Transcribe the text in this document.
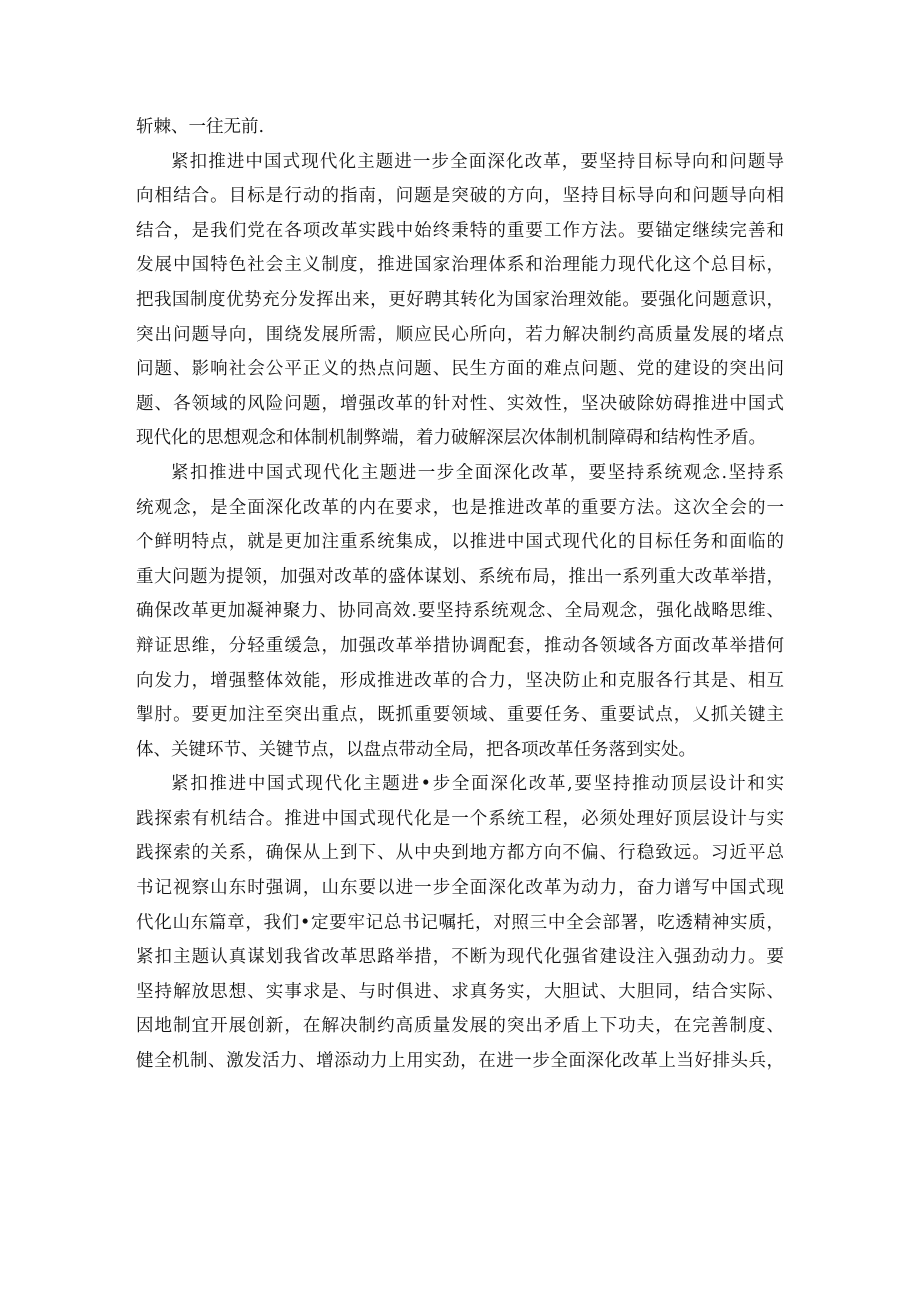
斩棘、一往无前.
紧扣推进中国式现代化主题进一步全面深化改革，要坚持目标导向和问题导
向相结合。目标是行动的指南，问题是突破的方向，坚持目标导向和问题导向相
结合，是我们党在各项改革实践中始终秉特的重要工作方法。要锚定继续完善和
发展中国特色社会主义制度，推进国家治理体系和治理能力现代化这个总目标，
把我国制度优势充分发挥出来，更好聘其转化为国家治理效能。要强化问题意识，
突出问题导向，围绕发展所需，顺应民心所向，若力解决制约高质量发展的堵点
问题、影响社会公平正义的热点问题、民生方面的难点问题、党的建设的突出问
题、各领域的风险问题，增强改革的针对性、实效性，坚决破除妨碍推进中国式
现代化的思想观念和体制机制弊端，着力破解深层次体制机制障碍和结构性矛盾。
紧扣推进中国式现代化主题进一步全面深化改革，要坚持系统观念.坚持系
统观念，是全面深化改革的内在要求，也是推进改革的重要方法。这次全会的一
个鲜明特点，就是更加注重系统集成，以推进中国式现代化的目标任务和面临的
重大问题为提领，加强对改革的盛体谋划、系统布局，推出一系列重大改革举措，
确保改革更加凝神聚力、协同高效.要坚持系统观念、全局观念，强化战略思维、
辩证思维，分轻重缓急，加强改革举措协调配套，推动各领域各方面改革举措何
向发力，增强整体效能，形成推进改革的合力，坚决防止和克服各行其是、相互
掣肘。要更加注至突出重点，既抓重要领域、重要任务、重要试点，乂抓关键主
体、关键环节、关键节点，以盘点带动全局，把各项改革任务落到实处。
紧扣推进中国式现代化主题进•步全面深化改革,要坚持推动顶层设计和实
践探索有机结合。推进中国式现代化是一个系统工程，必须处理好顶层设计与实
践探索的关系，确保从上到下、从中央到地方都方向不偏、行稳致远。习近平总
书记视察山东时强调，山东要以进一步全面深化改革为动力，奋力谱写中国式现
代化山东篇章，我们•定要牢记总书记嘱托，对照三中全会部署，吃透精神实质，
紧扣主题认真谋划我省改革思路举措，不断为现代化强省建设注入强劲动力。要
坚持解放思想、实事求是、与时俱进、求真务实，大胆试、大胆同，结合实际、
因地制宜开展创新，在解决制约高质量发展的突出矛盾上下功夫，在完善制度、
健全机制、激发活力、增添动力上用实劲，在进一步全面深化改革上当好排头兵，
